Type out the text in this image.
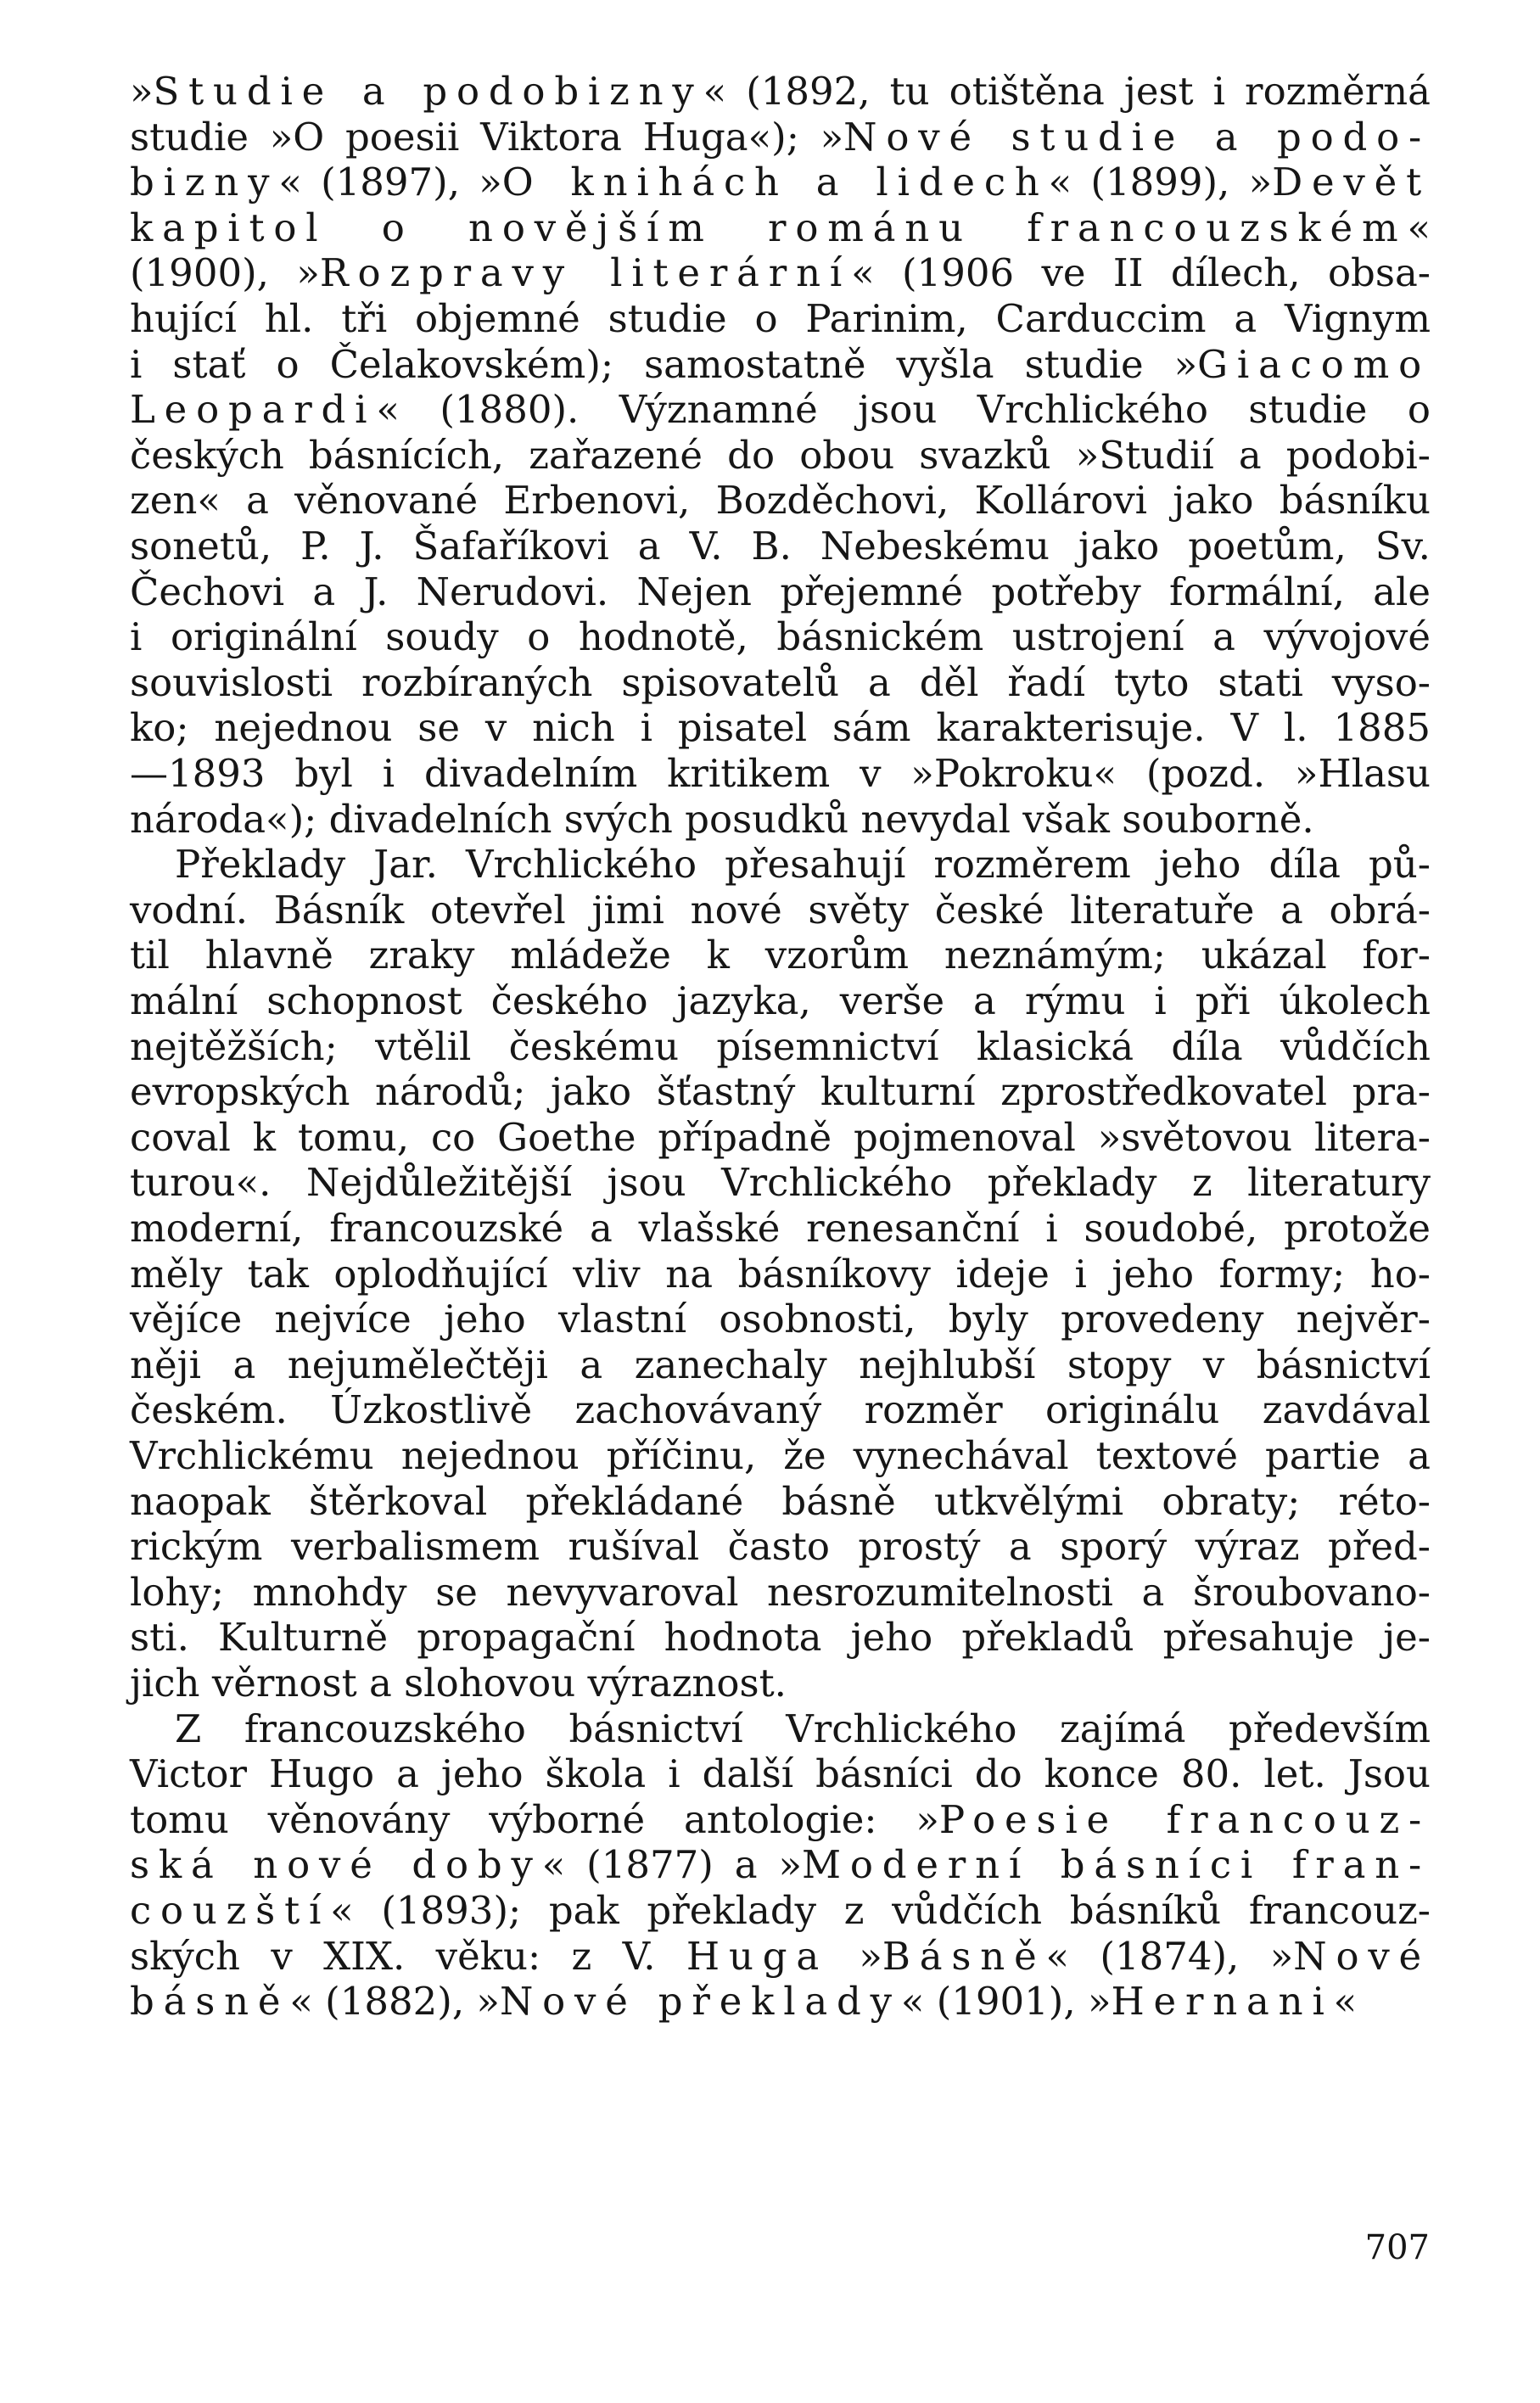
»Studie a podobizny« (1892, tu otištěna jest i rozměrná
studie »O poesii Viktora Huga«); »Nové studie a podo-
bizny« (1897), »O knihách a lidech« (1899), »Devět
kapitol o novějším románu francouzském«
(1900), »Rozpravy literární« (1906 ve II dílech, obsa-
hující hl. tři objemné studie o Parinim, Carduccim a Vignym
i stať o Čelakovském); samostatně vyšla studie »Giacomo
Leopardi« (1880). Významné jsou Vrchlického studie o
českých básnících, zařazené do obou svazků »Studií a podobi-
zen« a věnované Erbenovi, Bozděchovi, Kollárovi jako básníku
sonetů, P. J. Šafaříkovi a V. B. Nebeskému jako poetům, Sv.
Čechovi a J. Nerudovi. Nejen přejemné potřeby formální, ale
i originální soudy o hodnotě, básnickém ustrojení a vývojové
souvislosti rozbíraných spisovatelů a děl řadí tyto stati vyso-
ko; nejednou se v nich i pisatel sám karakterisuje. V l. 1885
—1893 byl i divadelním kritikem v »Pokroku« (pozd. »Hlasu
národa«); divadelních svých posudků nevydal však souborně.
Překlady Jar. Vrchlického přesahují rozměrem jeho díla pů-
vodní. Básník otevřel jimi nové světy české literatuře a obrá-
til hlavně zraky mládeže k vzorům neznámým; ukázal for-
mální schopnost českého jazyka, verše a rýmu i při úkolech
nejtěžších; vtělil českému písemnictví klasická díla vůdčích
evropských národů; jako šťastný kulturní zprostředkovatel pra-
coval k tomu, co Goethe případně pojmenoval »světovou litera-
turou«. Nejdůležitější jsou Vrchlického překlady z literatury
moderní, francouzské a vlašské renesanční i soudobé, protože
měly tak oplodňující vliv na básníkovy ideje i jeho formy; ho-
vějíce nejvíce jeho vlastní osobnosti, byly provedeny nejvěr-
něji a nejumělečtěji a zanechaly nejhlubší stopy v básnictví
českém. Úzkostlivě zachovávaný rozměr originálu zavdával
Vrchlickému nejednou příčinu, že vynechával textové partie a
naopak štěrkoval překládané básně utkvělými obraty; réto-
rickým verbalismem rušíval často prostý a sporý výraz před-
lohy; mnohdy se nevyvaroval nesrozumitelnosti a šroubovano-
sti. Kulturně propagační hodnota jeho překladů přesahuje je-
jich věrnost a slohovou výraznost.
Z francouzského básnictví Vrchlického zajímá především
Victor Hugo a jeho škola i další básníci do konce 80. let. Jsou
tomu věnovány výborné antologie: »Poesie francouz-
ská nové doby« (1877) a »Moderní básníci fran-
couzští« (1893); pak překlady z vůdčích básníků francouz-
ských v XIX. věku: z V. Huga »Básně« (1874), »Nové
básně« (1882), »Nové překlady« (1901), »Hernani«
707
